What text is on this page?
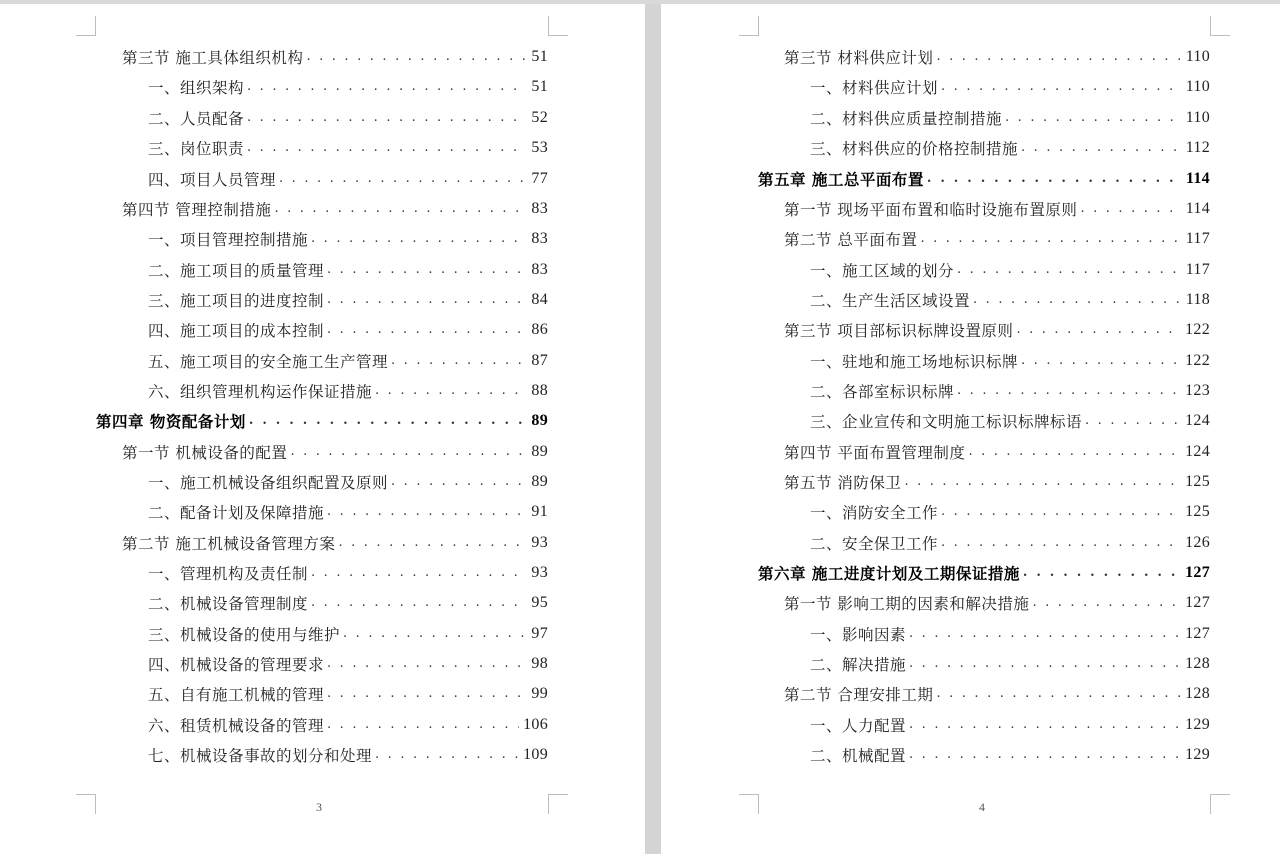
第三节 施工具体组织机构 . . .	51
一、组织架构 . . .	51
二、人员配备 . . .	52
三、岗位职责 . . .	53
四、项目人员管理 . . .	77
第四节 管理控制措施 . . .	83
一、项目管理控制措施 . . .	83
二、施工项目的质量管理 . . .	83
三、施工项目的进度控制 . . .	84
四、施工项目的成本控制 . . .	86
五、施工项目的安全施工生产管理 . . .	87
六、组织管理机构运作保证措施 . . .	88
第四章 物资配备计划 . . .	89
第一节 机械设备的配置 . . .	89
一、施工机械设备组织配置及原则 . . .	89
二、配备计划及保障措施 . . .	91
第二节 施工机械设备管理方案 . . .	93
一、管理机构及责任制 . . .	93
二、机械设备管理制度 . . .	95
三、机械设备的使用与维护 . . .	97
四、机械设备的管理要求 . . .	98
五、自有施工机械的管理 . . .	99
六、租赁机械设备的管理 . . .	106
七、机械设备事故的划分和处理 . . .	109
3
第三节 材料供应计划 . . .	110
一、材料供应计划 . . .	110
二、材料供应质量控制措施 . . .	110
三、材料供应的价格控制措施 . . .	112
第五章 施工总平面布置 . . .	114
第一节 现场平面布置和临时设施布置原则 . . .	114
第二节 总平面布置 . . .	117
一、施工区域的划分 . . .	117
二、生产生活区域设置 . . .	118
第三节 项目部标识标牌设置原则 . . .	122
一、驻地和施工场地标识标牌 . . .	122
二、各部室标识标牌 . . .	123
三、企业宣传和文明施工标识标牌标语 . . .	124
第四节 平面布置管理制度 . . .	124
第五节 消防保卫 . . .	125
一、消防安全工作 . . .	125
二、安全保卫工作 . . .	126
第六章 施工进度计划及工期保证措施 . . .	127
第一节 影响工期的因素和解决措施 . . .	127
一、影响因素 . . .	127
二、解决措施 . . .	128
第二节 合理安排工期 . . .	128
一、人力配置 . . .	129
二、机械配置 . . .	129
4
